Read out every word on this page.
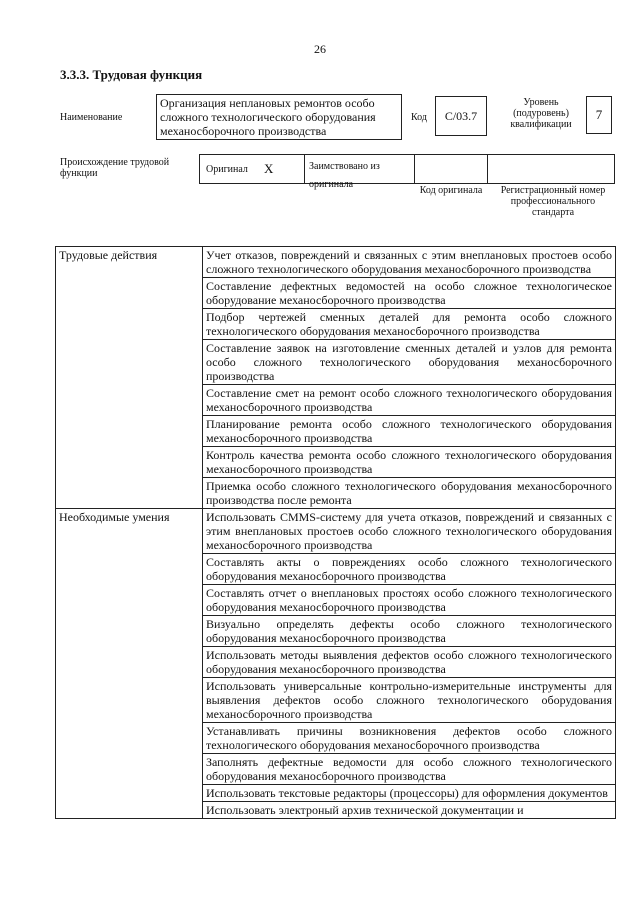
26
3.3.3. Трудовая функция
Наименование
Организация неплановых ремонтов особо сложного технологического оборудования механосборочного производства
Код C/03.7
Уровень (подуровень) квалификации
7
Происхождение трудовой функции	Оригинал X	Заимствовано из оригинала
Код оригинала	Регистрационный номер профессионального стандарта
Трудовые действия	Учет отказов, повреждений и связанных с этим внеплановых простоев особо сложного технологического оборудования механосборочного производства
	Составление дефектных ведомостей на особо сложное технологическое оборудование механосборочного производства
	Подбор чертежей сменных деталей для ремонта особо сложного технологического оборудования механосборочного производства
	Составление заявок на изготовление сменных деталей и узлов для ремонта особо сложного технологического оборудования механосборочного производства
	Составление смет на ремонт особо сложного технологического оборудования механосборочного производства
	Планирование ремонта особо сложного технологического оборудования механосборочного производства
	Контроль качества ремонта особо сложного технологического оборудования механосборочного производства
	Приемка особо сложного технологического оборудования механосборочного производства после ремонта
Необходимые умения	Использовать CMMS-систему для учета отказов, повреждений и связанных с этим внеплановых простоев особо сложного технологического оборудования механосборочного производства
	Составлять акты о повреждениях особо сложного технологического оборудования механосборочного производства
	Составлять отчет о внеплановых простоях особо сложного технологического оборудования механосборочного производства
	Визуально определять дефекты особо сложного технологического оборудования механосборочного производства
	Использовать методы выявления дефектов особо сложного технологического оборудования механосборочного производства
	Использовать универсальные контрольно-измерительные инструменты для выявления дефектов особо сложного технологического оборудования механосборочного производства
	Устанавливать причины возникновения дефектов особо сложного технологического оборудования механосборочного производства
	Заполнять дефектные ведомости для особо сложного технологического оборудования механосборочного производства
	Использовать текстовые редакторы (процессоры) для оформления документов
	Использовать электроный архив технической документации и
